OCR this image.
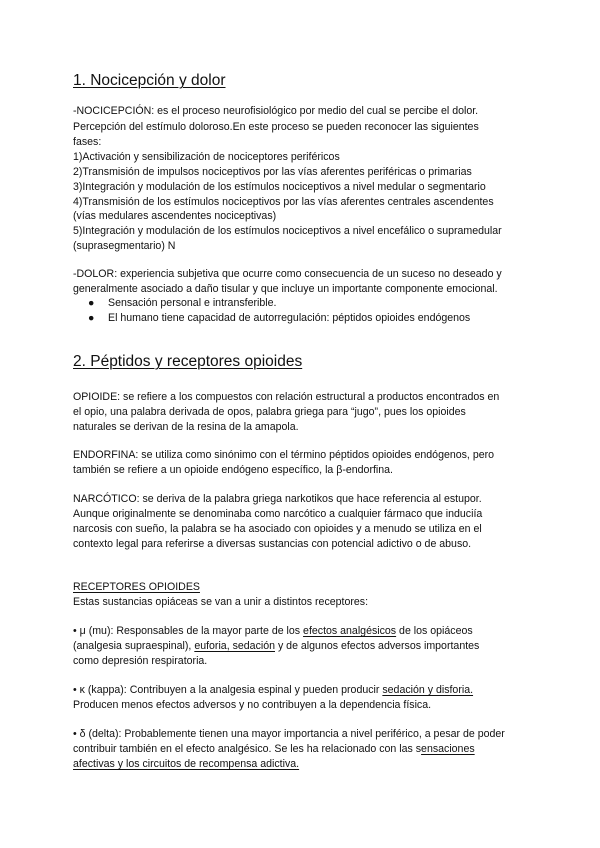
1. Nocicepción y dolor
-NOCICEPCIÓN: es el proceso neurofisiológico por medio del cual se percibe el dolor.
Percepción del estímulo doloroso.En este proceso se pueden reconocer las siguientes
fases:
1)Activación y sensibilización de nociceptores periféricos
2)Transmisión de impulsos nociceptivos por las vías aferentes periféricas o primarias
3)Integración y modulación de los estímulos nociceptivos a nivel medular o segmentario
4)Transmisión de los estímulos nociceptivos por las vías aferentes centrales ascendentes
(vías medulares ascendentes nociceptivas)
5)Integración y modulación de los estímulos nociceptivos a nivel encefálico o supramedular
(suprasegmentario) N
-DOLOR: experiencia subjetiva que ocurre como consecuencia de un suceso no deseado y
generalmente asociado a daño tisular y que incluye un importante componente emocional.
● Sensación personal e intransferible.
● El humano tiene capacidad de autorregulación: péptidos opioides endógenos
2. Péptidos y receptores opioides
OPIOIDE: se refiere a los compuestos con relación estructural a productos encontrados en
el opio, una palabra derivada de opos, palabra griega para “jugo”, pues los opioides
naturales se derivan de la resina de la amapola.
ENDORFINA: se utiliza como sinónimo con el término péptidos opioides endógenos, pero
también se refiere a un opioide endógeno específico, la β-endorfina.
NARCÓTICO: se deriva de la palabra griega narkotikos que hace referencia al estupor.
Aunque originalmente se denominaba como narcótico a cualquier fármaco que induciía
narcosis con sueño, la palabra se ha asociado con opioides y a menudo se utiliza en el
contexto legal para referirse a diversas sustancias con potencial adictivo o de abuso.
RECEPTORES OPIOIDES
Estas sustancias opiáceas se van a unir a distintos receptores:
• μ (mu): Responsables de la mayor parte de los efectos analgésicos de los opiáceos
(analgesia supraespinal), euforia, sedación y de algunos efectos adversos importantes
como depresión respiratoria.
• κ (kappa): Contribuyen a la analgesia espinal y pueden producir sedación y disforia.
Producen menos efectos adversos y no contribuyen a la dependencia física.
• δ (delta): Probablemente tienen una mayor importancia a nivel periférico, a pesar de poder
contribuir también en el efecto analgésico. Se les ha relacionado con las sensaciones
afectivas y los circuitos de recompensa adictiva.
